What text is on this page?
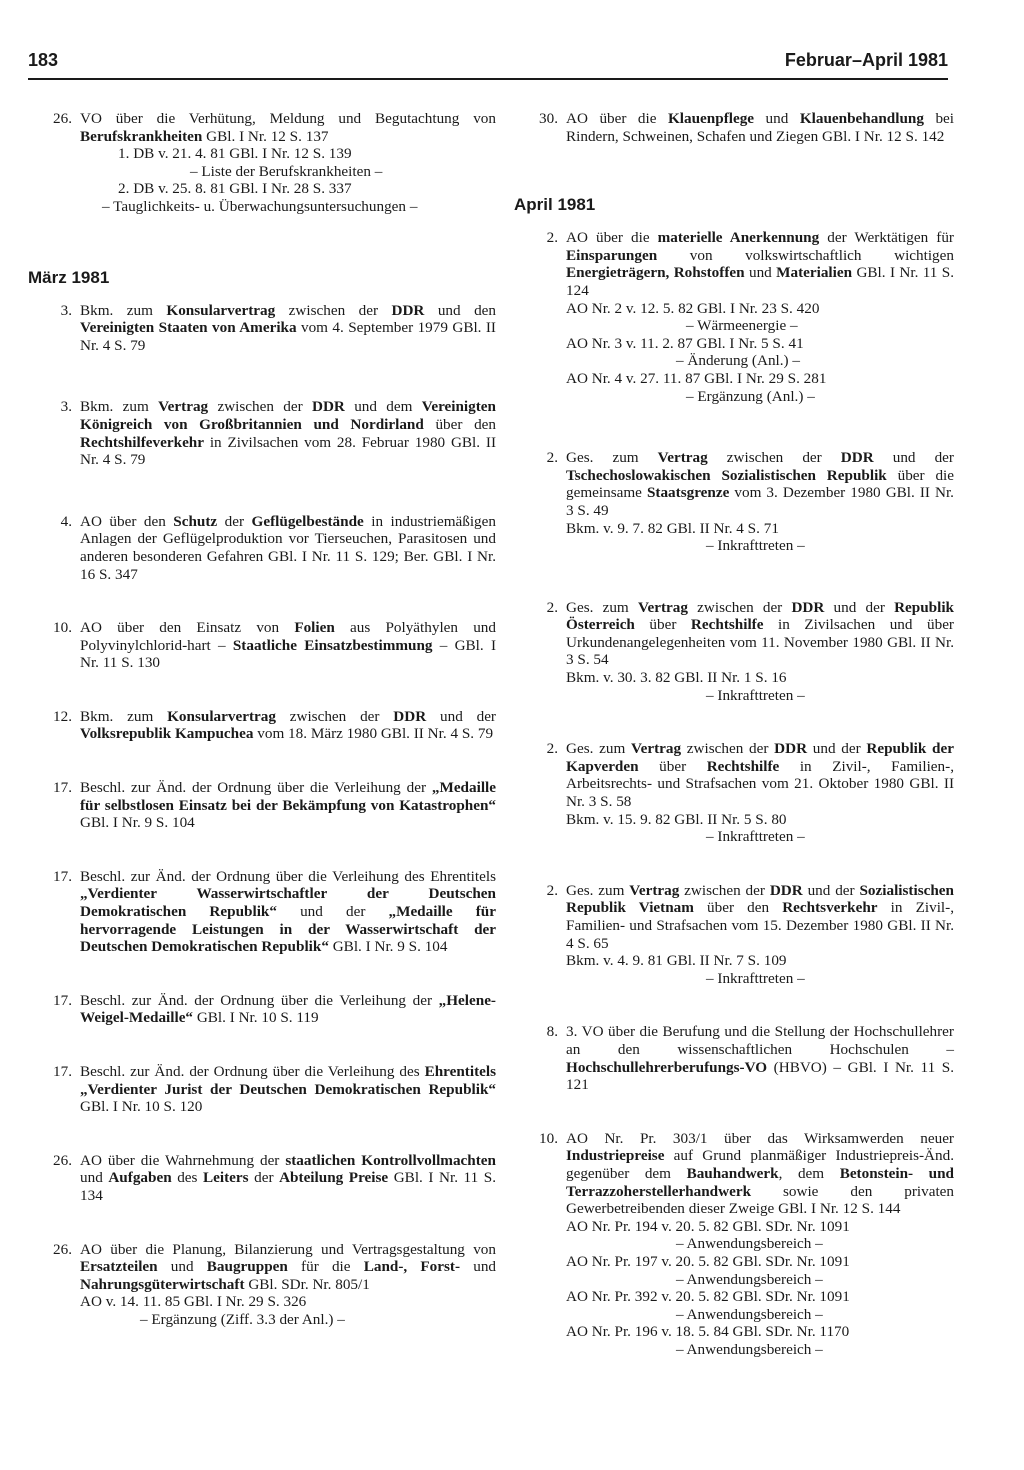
183	Februar–April 1981
26. VO über die Verhütung, Meldung und Begutachtung von Berufskrankheiten GBl. I Nr. 12 S. 137

1. DB v. 21. 4. 81 GBl. I Nr. 12 S. 139
– Liste der Berufskrankheiten –
2. DB v. 25. 8. 81 GBl. I Nr. 28 S. 337
– Tauglichkeits- u. Überwachungsuntersuchungen –
März 1981
3. Bkm. zum Konsularvertrag zwischen der DDR und den Vereinigten Staaten von Amerika vom 4. September 1979 GBl. II Nr. 4 S. 79

3. Bkm. zum Vertrag zwischen der DDR und dem Vereinigten Königreich von Großbritannien und Nordirland über den Rechtshilfeverkehr in Zivilsachen vom 28. Februar 1980 GBl. II Nr. 4 S. 79

4. AO über den Schutz der Geflügelbestände in industriemäßigen Anlagen der Geflügelproduktion vor Tierseuchen, Parasitosen und anderen besonderen Gefahren GBl. I Nr. 11 S. 129; Ber. GBl. I Nr. 16 S. 347

10. AO über den Einsatz von Folien aus Polyäthylen und Polyvinylchlorid-hart – Staatliche Einsatzbestimmung – GBl. I Nr. 11 S. 130

12. Bkm. zum Konsularvertrag zwischen der DDR und der Volksrepublik Kampuchea vom 18. März 1980 GBl. II Nr. 4 S. 79

17. Beschl. zur Änd. der Ordnung über die Verleihung der „Medaille für selbstlosen Einsatz bei der Bekämpfung von Katastrophen“ GBl. I Nr. 9 S. 104

17. Beschl. zur Änd. der Ordnung über die Verleihung des Ehrentitels „Verdienter Wasserwirtschaftler der Deutschen Demokratischen Republik“ und der „Medaille für hervorragende Leistungen in der Wasserwirtschaft der Deutschen Demokratischen Republik“ GBl. I Nr. 9 S. 104

17. Beschl. zur Änd. der Ordnung über die Verleihung der „Helene-Weigel-Medaille“ GBl. I Nr. 10 S. 119

17. Beschl. zur Änd. der Ordnung über die Verleihung des Ehrentitels „Verdienter Jurist der Deutschen Demokratischen Republik“ GBl. I Nr. 10 S. 120

26. AO über die Wahrnehmung der staatlichen Kontrollvollmachten und Aufgaben des Leiters der Abteilung Preise GBl. I Nr. 11 S. 134

26. AO über die Planung, Bilanzierung und Vertragsgestaltung von Ersatzteilen und Baugruppen für die Land-, Forst- und Nahrungsgüterwirtschaft GBl. SDr. Nr. 805/1

AO v. 14. 11. 85 GBl. I Nr. 29 S. 326
– Ergänzung (Ziff. 3.3 der Anl.) –
30. AO über die Klauenpflege und Klauenbehandlung bei Rindern, Schweinen, Schafen und Ziegen GBl. I Nr. 12 S. 142

April 1981
2. AO über die materielle Anerkennung der Werktätigen für Einsparungen von volkswirtschaftlich wichtigen Energieträgern, Rohstoffen und Materialien GBl. I Nr. 11 S. 124

AO Nr. 2 v. 12. 5. 82 GBl. I Nr. 23 S. 420
– Wärmeenergie –
AO Nr. 3 v. 11. 2. 87 GBl. I Nr. 5 S. 41
– Änderung (Anl.) –
AO Nr. 4 v. 27. 11. 87 GBl. I Nr. 29 S. 281
– Ergänzung (Anl.) –
2. Ges. zum Vertrag zwischen der DDR und der Tschechoslowakischen Sozialistischen Republik über die gemeinsame Staatsgrenze vom 3. Dezember 1980 GBl. II Nr. 3 S. 49

Bkm. v. 9. 7. 82 GBl. II Nr. 4 S. 71
– Inkrafttreten –
2. Ges. zum Vertrag zwischen der DDR und der Republik Österreich über Rechtshilfe in Zivilsachen und über Urkundenangelegenheiten vom 11. November 1980 GBl. II Nr. 3 S. 54

Bkm. v. 30. 3. 82 GBl. II Nr. 1 S. 16
– Inkrafttreten –
2. Ges. zum Vertrag zwischen der DDR und der Republik der Kapverden über Rechtshilfe in Zivil-, Familien-, Arbeitsrechts- und Strafsachen vom 21. Oktober 1980 GBl. II Nr. 3 S. 58

Bkm. v. 15. 9. 82 GBl. II Nr. 5 S. 80
– Inkrafttreten –
2. Ges. zum Vertrag zwischen der DDR und der Sozialistischen Republik Vietnam über den Rechtsverkehr in Zivil-, Familien- und Strafsachen vom 15. Dezember 1980 GBl. II Nr. 4 S. 65

Bkm. v. 4. 9. 81 GBl. II Nr. 7 S. 109
– Inkrafttreten –
8. 3. VO über die Berufung und die Stellung der Hochschullehrer an den wissenschaftlichen Hochschulen – Hochschullehrerberufungs-VO (HBVO) – GBl. I Nr. 11 S. 121

10. AO Nr. Pr. 303/1 über das Wirksamwerden neuer Industriepreise auf Grund planmäßiger Industriepreis-Änd. gegenüber dem Bauhandwerk, dem Betonstein- und Terrazzoherstellerhandwerk sowie den privaten Gewerbetreibenden dieser Zweige GBl. I Nr. 12 S. 144

AO Nr. Pr. 194 v. 20. 5. 82 GBl. SDr. Nr. 1091
– Anwendungsbereich –
AO Nr. Pr. 197 v. 20. 5. 82 GBl. SDr. Nr. 1091
– Anwendungsbereich –
AO Nr. Pr. 392 v. 20. 5. 82 GBl. SDr. Nr. 1091
– Anwendungsbereich –
AO Nr. Pr. 196 v. 18. 5. 84 GBl. SDr. Nr. 1170
– Anwendungsbereich –
